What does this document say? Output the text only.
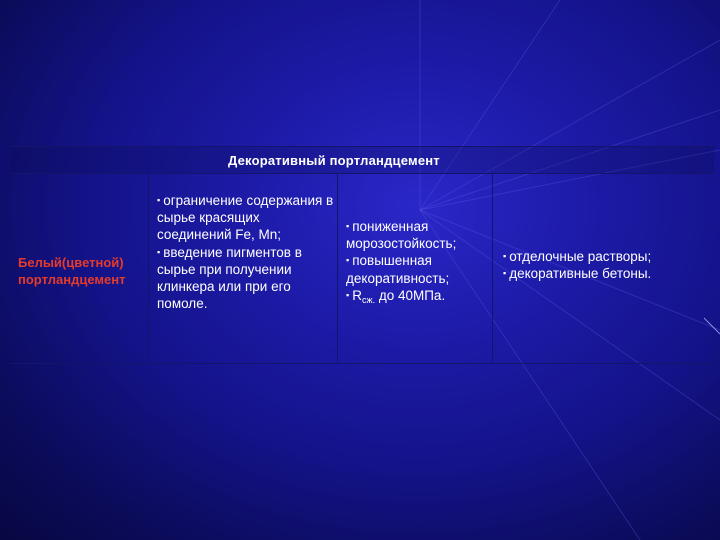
Декоративный портландцемент
Белый(цветной) портландцемент
▪ ограничение содержания в сырье красящих соединений Fe, Mn;
▪ введение пигментов в сырье при получении клинкера или при его помоле.
▪ пониженная морозостойкость;
▪ повышенная декоративность;
▪ $R_{сж.}$ до 40МПа.
▪ отделочные растворы;
▪ декоративные бетоны.
